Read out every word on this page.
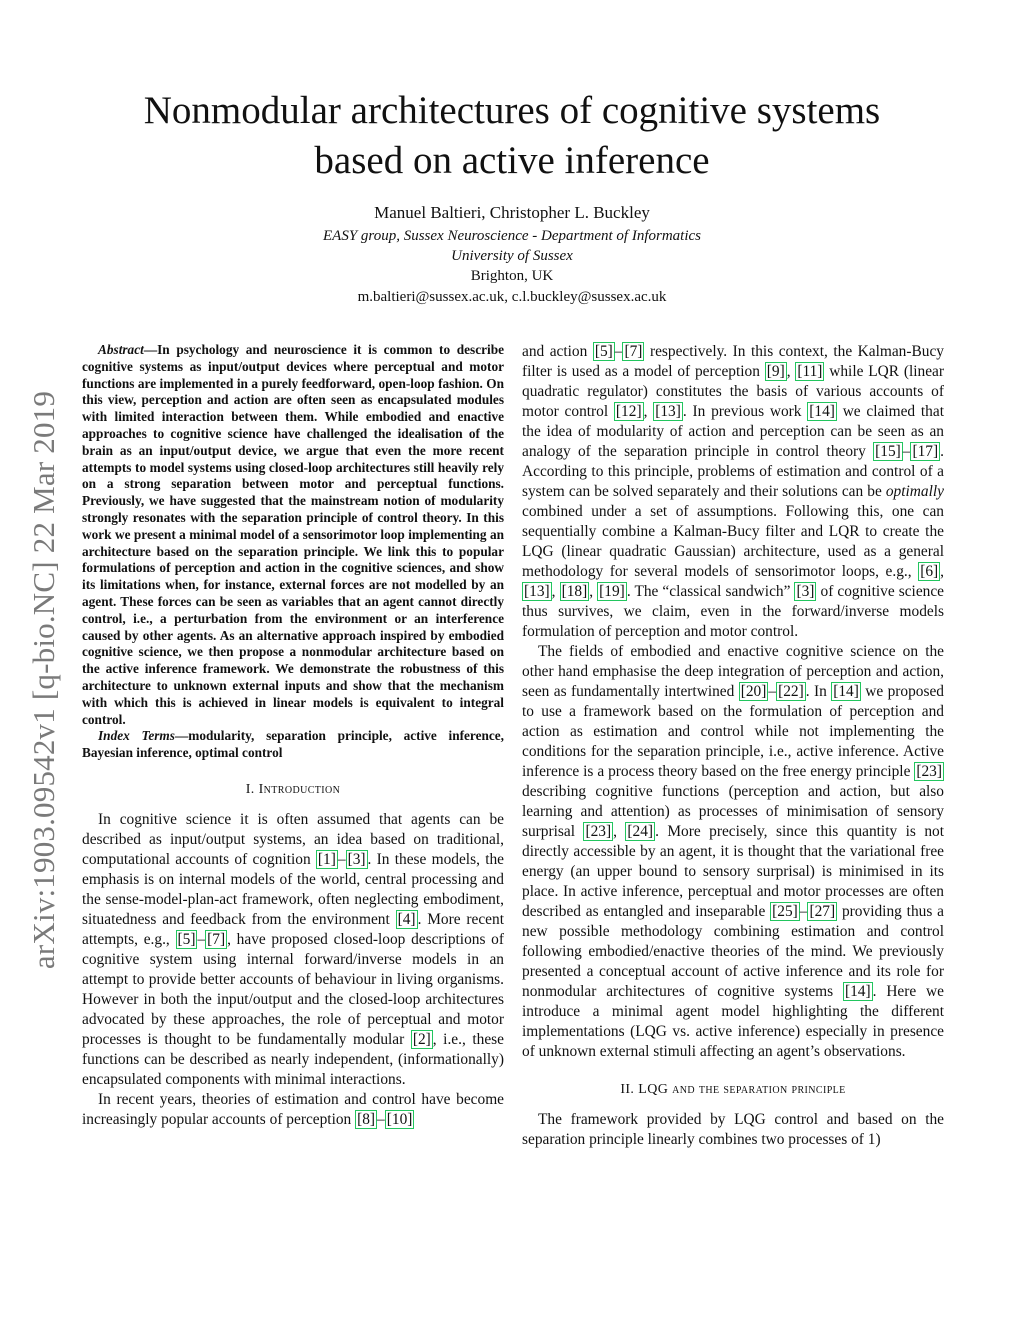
Nonmodular architectures of cognitive systems
based on active inference
Manuel Baltieri, Christopher L. Buckley
EASY group, Sussex Neuroscience - Department of Informatics
University of Sussex
Brighton, UK
m.baltieri@sussex.ac.uk, c.l.buckley@sussex.ac.uk
arXiv:1903.09542v1 [q-bio.NC] 22 Mar 2019

Abstract—In psychology and neuroscience it is common to describe cognitive systems as input/output devices where perceptual and motor functions are implemented in a purely feedforward, open-loop fashion. On this view, perception and action are often seen as encapsulated modules with limited interaction between them. While embodied and enactive approaches to cognitive science have challenged the idealisation of the brain as an input/output device, we argue that even the more recent attempts to model systems using closed-loop architectures still heavily rely on a strong separation between motor and perceptual functions. Previously, we have suggested that the mainstream notion of modularity strongly resonates with the separation principle of control theory. In this work we present a minimal model of a sensorimotor loop implementing an architecture based on the separation principle. We link this to popular formulations of perception and action in the cognitive sciences, and show its limitations when, for instance, external forces are not modelled by an agent. These forces can be seen as variables that an agent cannot directly control, i.e., a perturbation from the environment or an interference caused by other agents. As an alternative approach inspired by embodied cognitive science, we then propose a nonmodular architecture based on the active inference framework. We demonstrate the robustness of this architecture to unknown external inputs and show that the mechanism with which this is achieved in linear models is equivalent to integral control.

Index Terms—modularity, separation principle, active inference, Bayesian inference, optimal control

I. Introduction

In cognitive science it is often assumed that agents can be described as input/output systems, an idea based on traditional, computational accounts of cognition [1] – [3] . In these models, the emphasis is on internal models of the world, central processing and the sense-model-plan-act framework, often neglecting embodiment, situatedness and feedback from the environment [4] . More recent attempts, e.g., [5] – [7] , have proposed closed-loop descriptions of cognitive system using internal forward/inverse models in an attempt to provide better accounts of behaviour in living organisms. However in both the input/output and the closed-loop architectures advocated by these approaches, the role of perceptual and motor processes is thought to be fundamentally modular [2] , i.e., these functions can be described as nearly independent, (informationally) encapsulated components with minimal interactions.

In recent years, theories of estimation and control have become increasingly popular accounts of perception [8] – [10]

and action [5] – [7] respectively. In this context, the Kalman-Bucy filter is used as a model of perception [9] , [11] while LQR (linear quadratic regulator) constitutes the basis of various accounts of motor control [12] , [13] . In previous work [14] we claimed that the idea of modularity of action and perception can be seen as an analogy of the separation principle in control theory [15] – [17] . According to this principle, problems of estimation and control of a system can be solved separately and their solutions can be optimally combined under a set of assumptions. Following this, one can sequentially combine a Kalman-Bucy filter and LQR to create the LQG (linear quadratic Gaussian) architecture, used as a general methodology for several models of sensorimotor loops, e.g., [6] , [13] , [18] , [19] . The “classical sandwich” [3] of cognitive science thus survives, we claim, even in the forward/inverse models formulation of perception and motor control.

The fields of embodied and enactive cognitive science on the other hand emphasise the deep integration of perception and action, seen as fundamentally intertwined [20] – [22] . In [14] we proposed to use a framework based on the formulation of perception and action as estimation and control while not implementing the conditions for the separation principle, i.e., active inference. Active inference is a process theory based on the free energy principle [23] describing cognitive functions (perception and action, but also learning and attention) as processes of minimisation of sensory surprisal [23] , [24] . More precisely, since this quantity is not directly accessible by an agent, it is thought that the variational free energy (an upper bound to sensory surprisal) is minimised in its place. In active inference, perceptual and motor processes are often described as entangled and inseparable [25] – [27] providing thus a new possible methodology combining estimation and control following embodied/enactive theories of the mind. We previously presented a conceptual account of active inference and its role for nonmodular architectures of cognitive systems [14] . Here we introduce a minimal agent model highlighting the different implementations (LQG vs. active inference) especially in presence of unknown external stimuli affecting an agent’s observations.

II. LQG and the separation principle

The framework provided by LQG control and based on the separation principle linearly combines two processes of 1)
